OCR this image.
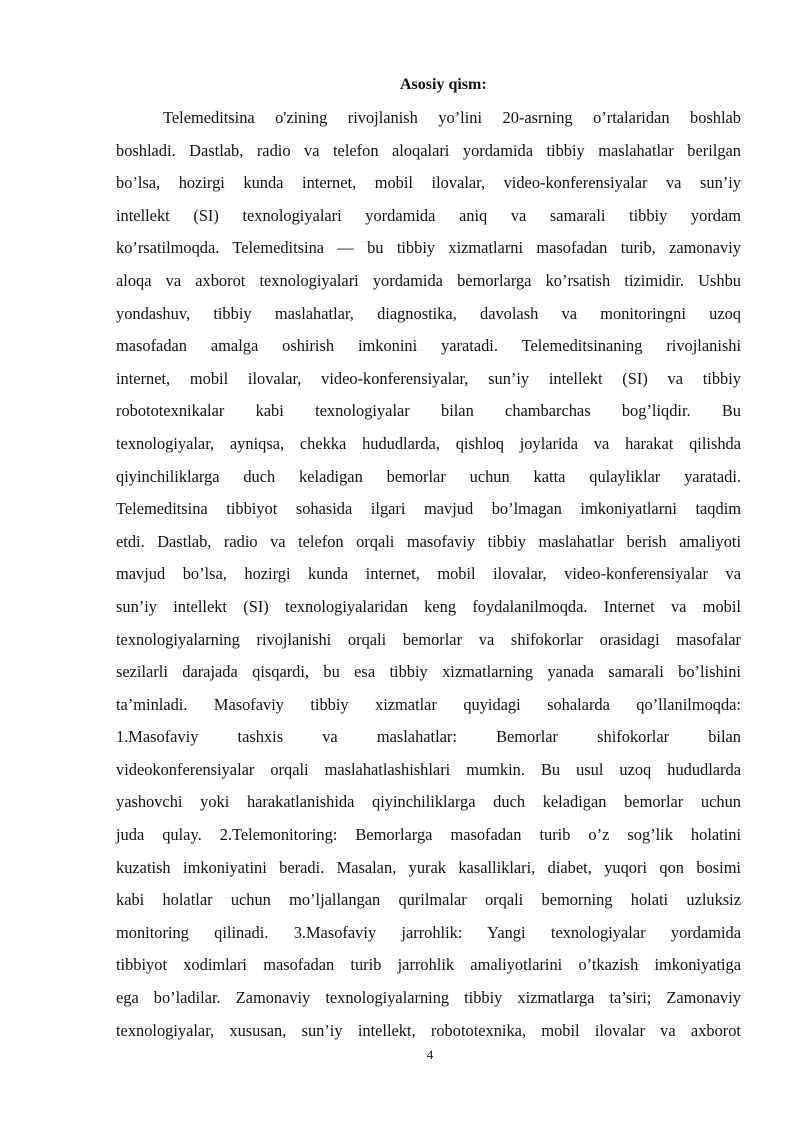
Asosiy qism:
Telemeditsina o'zining rivojlanish yo’lini 20-asrning o’rtalaridan boshlab
boshladi. Dastlab, radio va telefon aloqalari yordamida tibbiy maslahatlar berilgan
bo’lsa, hozirgi kunda internet, mobil ilovalar, video-konferensiyalar va sun’iy
intellekt (SI) texnologiyalari yordamida aniq va samarali tibbiy yordam
ko’rsatilmoqda. Telemeditsina — bu tibbiy xizmatlarni masofadan turib, zamonaviy
aloqa va axborot texnologiyalari yordamida bemorlarga ko’rsatish tizimidir. Ushbu
yondashuv, tibbiy maslahatlar, diagnostika, davolash va monitoringni uzoq
masofadan amalga oshirish imkonini yaratadi. Telemeditsinaning rivojlanishi
internet, mobil ilovalar, video-konferensiyalar, sun’iy intellekt (SI) va tibbiy
robototexnikalar kabi texnologiyalar bilan chambarchas bog’liqdir. Bu
texnologiyalar, ayniqsa, chekka hududlarda, qishloq joylarida va harakat qilishda
qiyinchiliklarga duch keladigan bemorlar uchun katta qulayliklar yaratadi.
Telemeditsina tibbiyot sohasida ilgari mavjud bo’lmagan imkoniyatlarni taqdim
etdi. Dastlab, radio va telefon orqali masofaviy tibbiy maslahatlar berish amaliyoti
mavjud bo’lsa, hozirgi kunda internet, mobil ilovalar, video-konferensiyalar va
sun’iy intellekt (SI) texnologiyalaridan keng foydalanilmoqda. Internet va mobil
texnologiyalarning rivojlanishi orqali bemorlar va shifokorlar orasidagi masofalar
sezilarli darajada qisqardi, bu esa tibbiy xizmatlarning yanada samarali bo’lishini
ta’minladi. Masofaviy tibbiy xizmatlar quyidagi sohalarda qo’llanilmoqda:
1.Masofaviy tashxis va maslahatlar: Bemorlar shifokorlar bilan
videokonferensiyalar orqali maslahatlashishlari mumkin. Bu usul uzoq hududlarda
yashovchi yoki harakatlanishida qiyinchiliklarga duch keladigan bemorlar uchun
juda qulay. 2.Telemonitoring: Bemorlarga masofadan turib o’z sog’lik holatini
kuzatish imkoniyatini beradi. Masalan, yurak kasalliklari, diabet, yuqori qon bosimi
kabi holatlar uchun mo’ljallangan qurilmalar orqali bemorning holati uzluksiz
monitoring qilinadi. 3.Masofaviy jarrohlik: Yangi texnologiyalar yordamida
tibbiyot xodimlari masofadan turib jarrohlik amaliyotlarini o’tkazish imkoniyatiga
ega bo’ladilar. Zamonaviy texnologiyalarning tibbiy xizmatlarga ta’siri; Zamonaviy
texnologiyalar, xususan, sun’iy intellekt, robototexnika, mobil ilovalar va axborot
4
